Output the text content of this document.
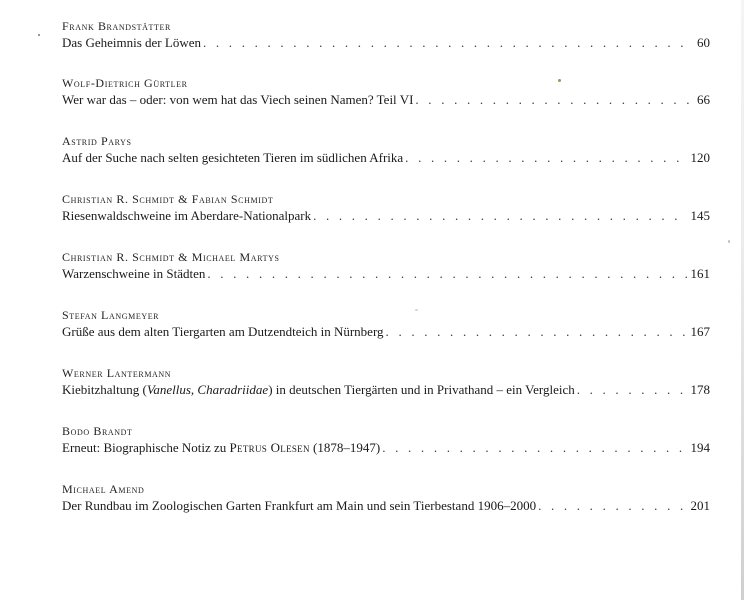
Frank Brandstätter
Das Geheimnis der Löwen . . .	60
Wolf-Dietrich Gürtler
Wer war das – oder: von wem hat das Viech seinen Namen? Teil VI . . .	66
Astrid Parys
Auf der Suche nach selten gesichteten Tieren im südlichen Afrika . . .	120
Christian R. Schmidt & Fabian Schmidt
Riesenwaldschweine im Aberdare-Nationalpark . . .	145
Christian R. Schmidt & Michael Martys
Warzenschweine in Städten . . .	161
Stefan Langmeyer
Grüße aus dem alten Tiergarten am Dutzendteich in Nürnberg . . .	167
Werner Lantermann
Kiebitzhaltung (Vanellus, Charadriidae) in deutschen Tiergärten und in Privathand – ein Vergleich . . .	178
Bodo Brandt
Erneut: Biographische Notiz zu Petrus Olesen (1878–1947) . . .	194
Michael Amend
Der Rundbau im Zoologischen Garten Frankfurt am Main und sein Tierbestand 1906–2000 . . .	201
